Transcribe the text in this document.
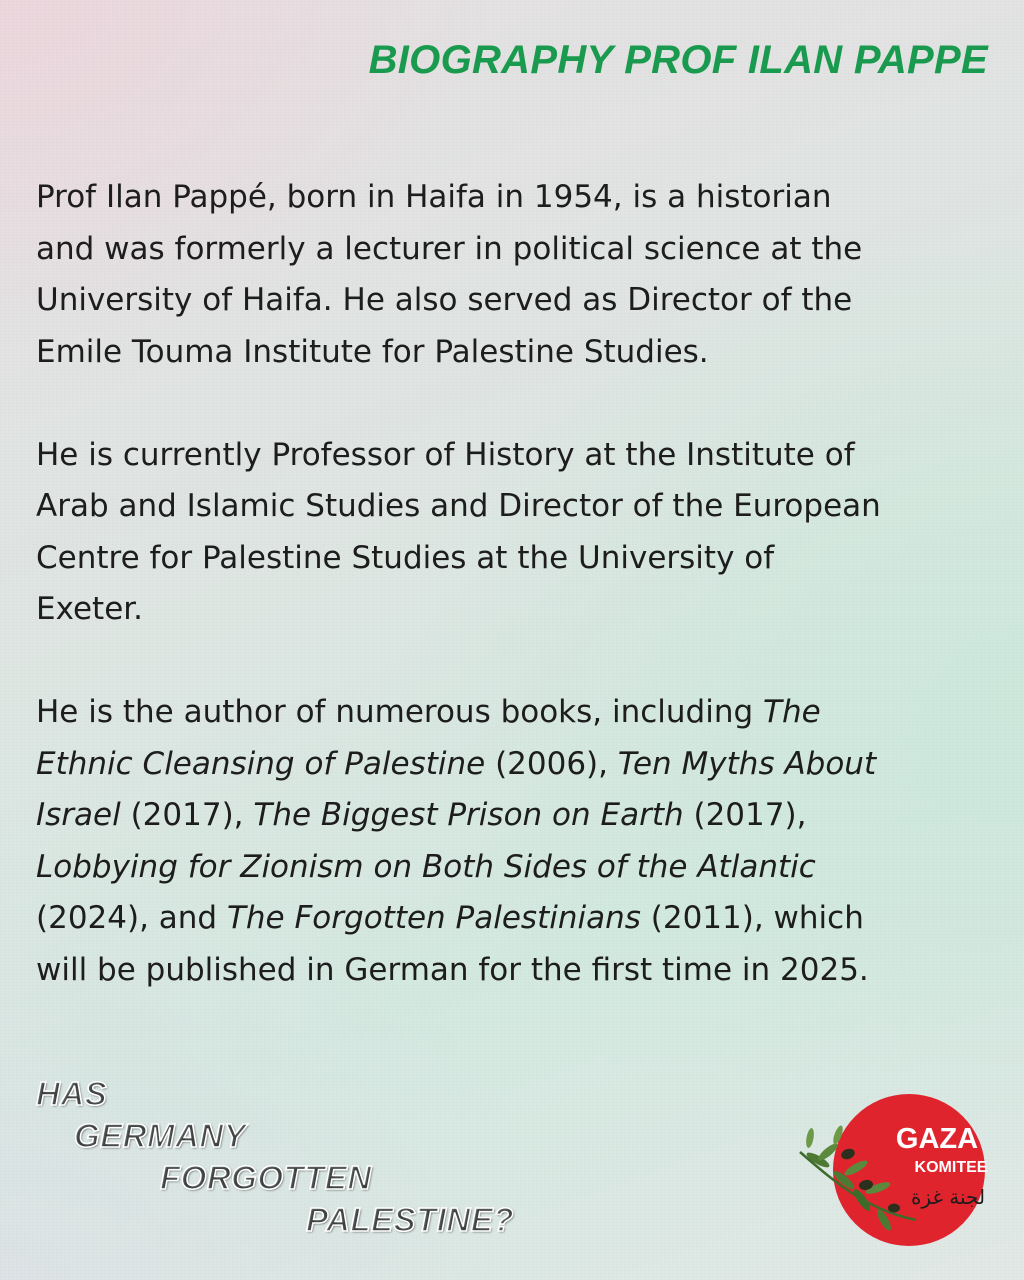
BIOGRAPHY PROF ILAN PAPPE

Prof Ilan Pappé, born in Haifa in 1954, is a historian
and was formerly a lecturer in political science at the
University of Haifa. He also served as Director of the
Emile Touma Institute for Palestine Studies.

He is currently Professor of History at the Institute of
Arab and Islamic Studies and Director of the European
Centre for Palestine Studies at the University of
Exeter.

He is the author of numerous books, including The
Ethnic Cleansing of Palestine (2006), Ten Myths About
Israel (2017), The Biggest Prison on Earth (2017),
Lobbying for Zionism on Both Sides of the Atlantic
(2024), and The Forgotten Palestinians (2011), which
will be published in German for the first time in 2025.

HAS
GERMANY
FORGOTTEN
PALESTINE?
GAZA
KOMITEE
لجنة غزة
